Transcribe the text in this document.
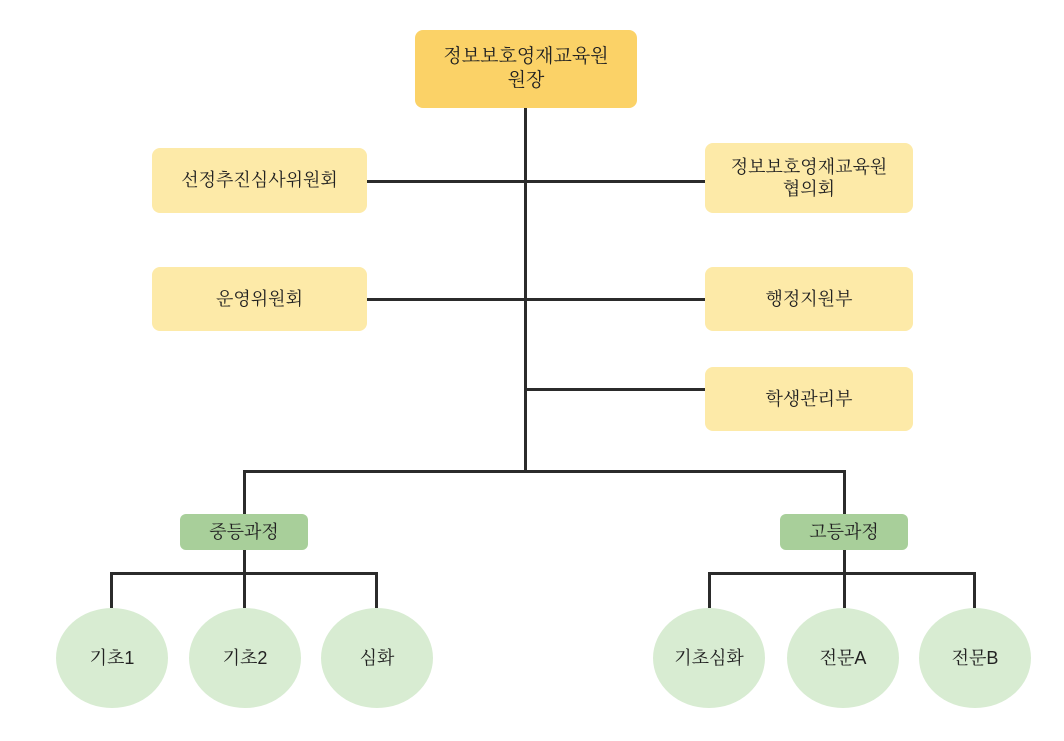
정보보호영재교육원
원장
선정추진심사위원회
정보보호영재교육원
협의회
운영위원회	행정지원부
학생관리부
중등과정	고등과정
기초1	기초2	심화	기초심화	전문A	전문B
